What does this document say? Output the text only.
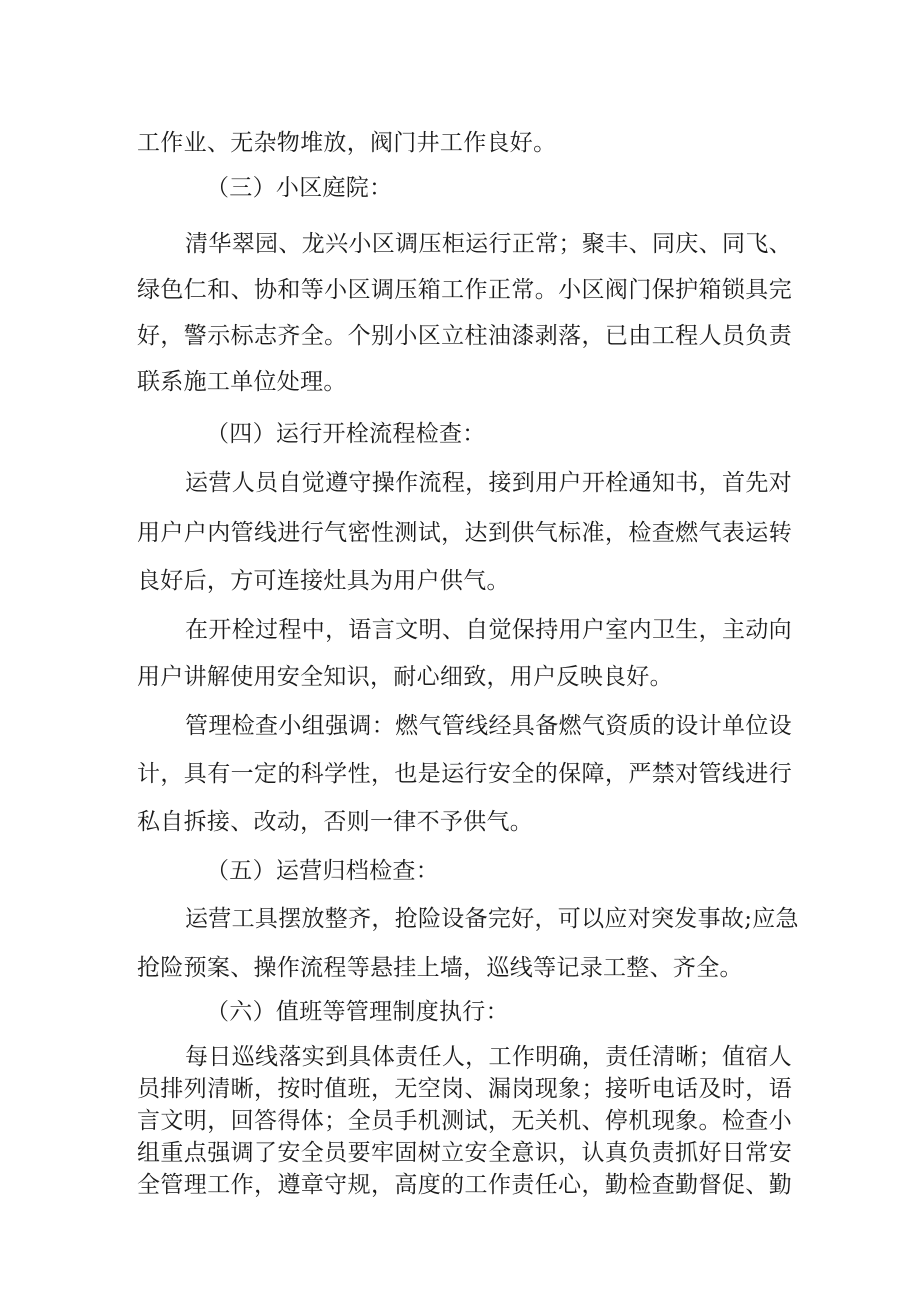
工作业、无杂物堆放，阀门井工作良好。
（三）小区庭院：
清华翠园、龙兴小区调压柜运行正常；聚丰、同庆、同飞、
绿色仁和、协和等小区调压箱工作正常。小区阀门保护箱锁具完
好，警示标志齐全。个别小区立柱油漆剥落，已由工程人员负责
联系施工单位处理。
（四）运行开栓流程检查：
运营人员自觉遵守操作流程，接到用户开栓通知书，首先对
用户户内管线进行气密性测试，达到供气标准，检查燃气表运转
良好后，方可连接灶具为用户供气。
在开栓过程中，语言文明、自觉保持用户室内卫生，主动向
用户讲解使用安全知识，耐心细致，用户反映良好。
管理检查小组强调：燃气管线经具备燃气资质的设计单位设
计，具有一定的科学性，也是运行安全的保障，严禁对管线进行
私自拆接、改动，否则一律不予供气。
（五）运营归档检查：
运营工具摆放整齐，抢险设备完好，可以应对突发事故;应急
抢险预案、操作流程等悬挂上墙，巡线等记录工整、齐全。
（六）值班等管理制度执行：
每日巡线落实到具体责任人，工作明确，责任清晰；值宿人
员排列清晰，按时值班，无空岗、漏岗现象；接听电话及时，语
言文明，回答得体；全员手机测试，无关机、停机现象。检查小
组重点强调了安全员要牢固树立安全意识，认真负责抓好日常安
全管理工作，遵章守规，高度的工作责任心，勤检查勤督促、勤
